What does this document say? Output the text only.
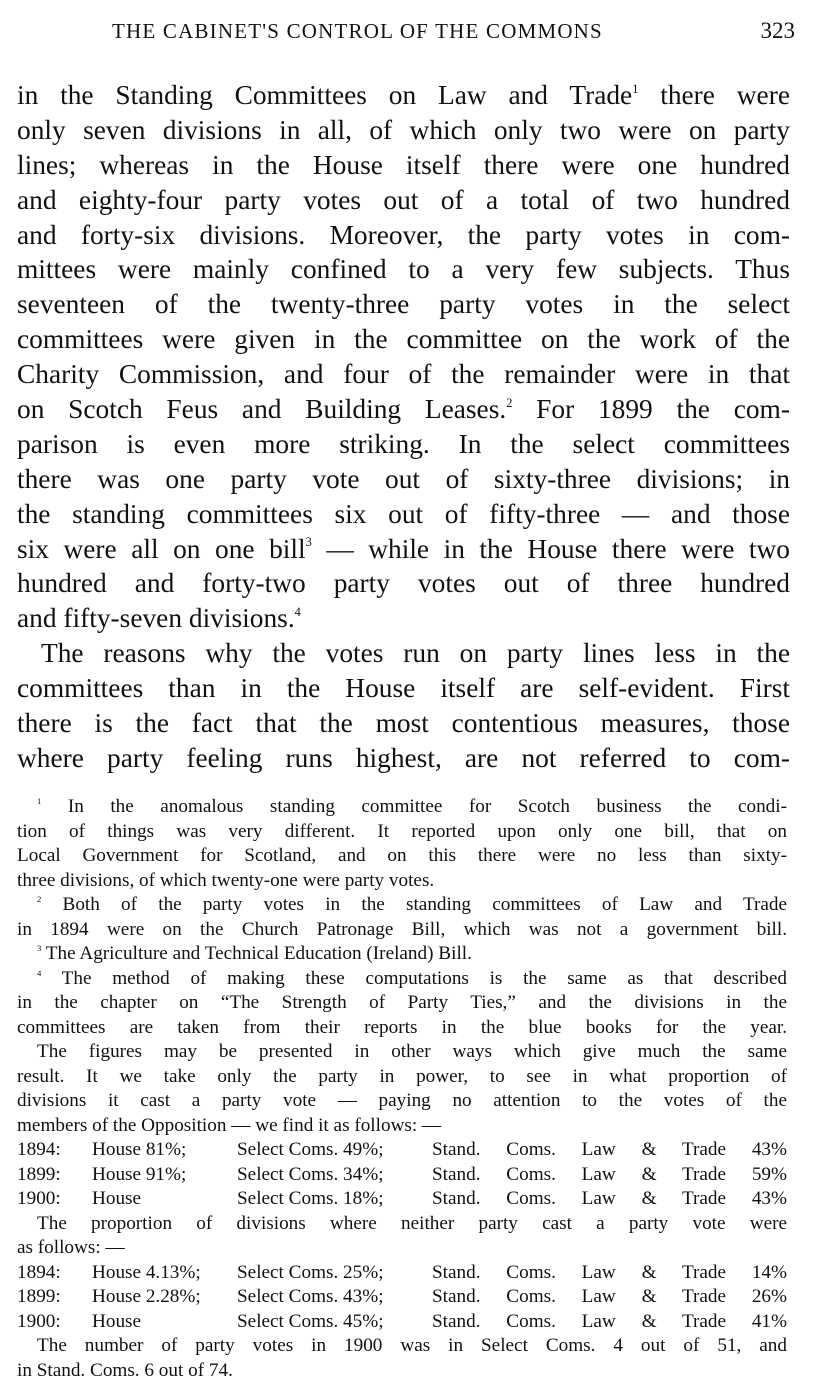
THE CABINET'S CONTROL OF THE COMMONS	323
in the Standing Committees on Law and Trade$^1$ there were
only seven divisions in all, of which only two were on party
lines; whereas in the House itself there were one hundred
and eighty-four party votes out of a total of two hundred
and forty-six divisions. Moreover, the party votes in com-
mittees were mainly confined to a very few subjects. Thus
seventeen of the twenty-three party votes in the select
committees were given in the committee on the work of the
Charity Commission, and four of the remainder were in that
on Scotch Feus and Building Leases.$^2$ For 1899 the com-
parison is even more striking. In the select committees
there was one party vote out of sixty-three divisions; in
the standing committees six out of fifty-three — and those
six were all on one bill$^3$ — while in the House there were two
hundred and forty-two party votes out of three hundred
and fifty-seven divisions.$^4$
The reasons why the votes run on party lines less in the
committees than in the House itself are self-evident. First
there is the fact that the most contentious measures, those
where party feeling runs highest, are not referred to com-
$^1$ In the anomalous standing committee for Scotch business the condi-
tion of things was very different. It reported upon only one bill, that on
Local Government for Scotland, and on this there were no less than sixty-
three divisions, of which twenty-one were party votes.
$^2$ Both of the party votes in the standing committees of Law and Trade
in 1894 were on the Church Patronage Bill, which was not a government bill.
$^3$ The Agriculture and Technical Education (Ireland) Bill.
$^4$ The method of making these computations is the same as that described
in the chapter on “The Strength of Party Ties,” and the divisions in the
committees are taken from their reports in the blue books for the year.
The figures may be presented in other ways which give much the same
result. It we take only the party in power, to see in what proportion of
divisions it cast a party vote — paying no attention to the votes of the
members of the Opposition — we find it as follows: —
1894:	House 81%;	Select Coms. 49%;	Stand. Coms. Law & Trade 43%
1899:	House 91%;	Select Coms. 34%;	Stand. Coms. Law & Trade 59%
1900:	House	Select Coms. 18%;	Stand. Coms. Law & Trade 43%
The proportion of divisions where neither party cast a party vote were
as follows: —
1894:	House 4.13%;	Select Coms. 25%;	Stand. Coms. Law & Trade 14%
1899:	House 2.28%;	Select Coms. 43%;	Stand. Coms. Law & Trade 26%
1900:	House	Select Coms. 45%;	Stand. Coms. Law & Trade 41%
The number of party votes in 1900 was in Select Coms. 4 out of 51, and
in Stand. Coms. 6 out of 74.
